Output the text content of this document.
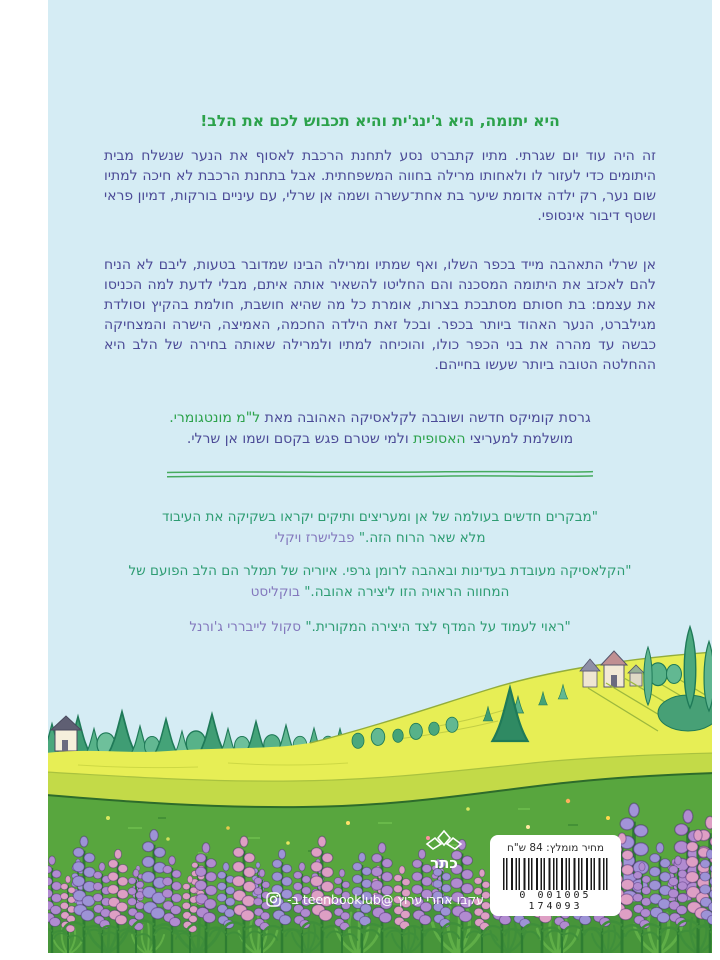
היא יתומה, היא ג'ינג'ית והיא תכבוש לכם את הלב!

זה היה עוד יום שגרתי. מתיו קתברט נסע לתחנת הרכבת לאסוף את הנער שנשלח מבית היתומים כדי לעזור לו ולאחותו מרילה בחווה המשפחתית. אבל בתחנת הרכבת לא חיכה למתיו שום נער, רק ילדה אדומת שיער בת אחת־עשרה ושמה אן שרלי, עם עיניים בורקות, דמיון פראי ושטף דיבור אינסופי.

אן שרלי התאהבה מייד בכפר השלו, ואף שמתיו ומרילה הבינו שמדובר בטעות, ליבם לא הניח להם לאכזב את היתומה המסכנה והם החליטו להשאיר אותה איתם, מבלי לדעת למה הכניסו את עצמם: בת חסותם מסתבכת בצרות, אומרת כל מה שהיא חושבת, חולמת בהקיץ וסולדת מגילברט, הנער האהוד ביותר בכפר. ובכל זאת הילדה החכמה, האמיצה, הישרה והמצחיקה כבשה עד מהרה את בני הכפר כולו, והוכיחה למתיו ולמרילה שאותה בחירה של הלב היא ההחלטה הטובה ביותר שעשו בחייהם.

גרסת קומיקס חדשה ושובבה לקלאסיקה האהובה מאת ל"מ מונטגומרי.
מושלמת למעריצי האסופית ולמי שטרם פגש בקסם ושמו אן שרלי.

"מבקרים חדשים בעולמה של אן ומעריצים ותיקים יקראו בשקיקה את העיבוד מלא שאר הרוח הזה." פבלישרז ויקלי

"הקלאסיקה מעובדת בעדינות ובאהבה לרומן גרפי. איוריה של תמלר הם הלב הפועם של המחווה הראויה הזו ליצירה אהובה." בוקליסט

"ראוי לעמוד על המדף לצד היצירה המקורית." סקול לייבררי ג'ורנל

כתר
עקבו אחרי ערוץ @teenbooklub ב-
מחיר מומלץ: 84 ש"ח
0 001005 174093
